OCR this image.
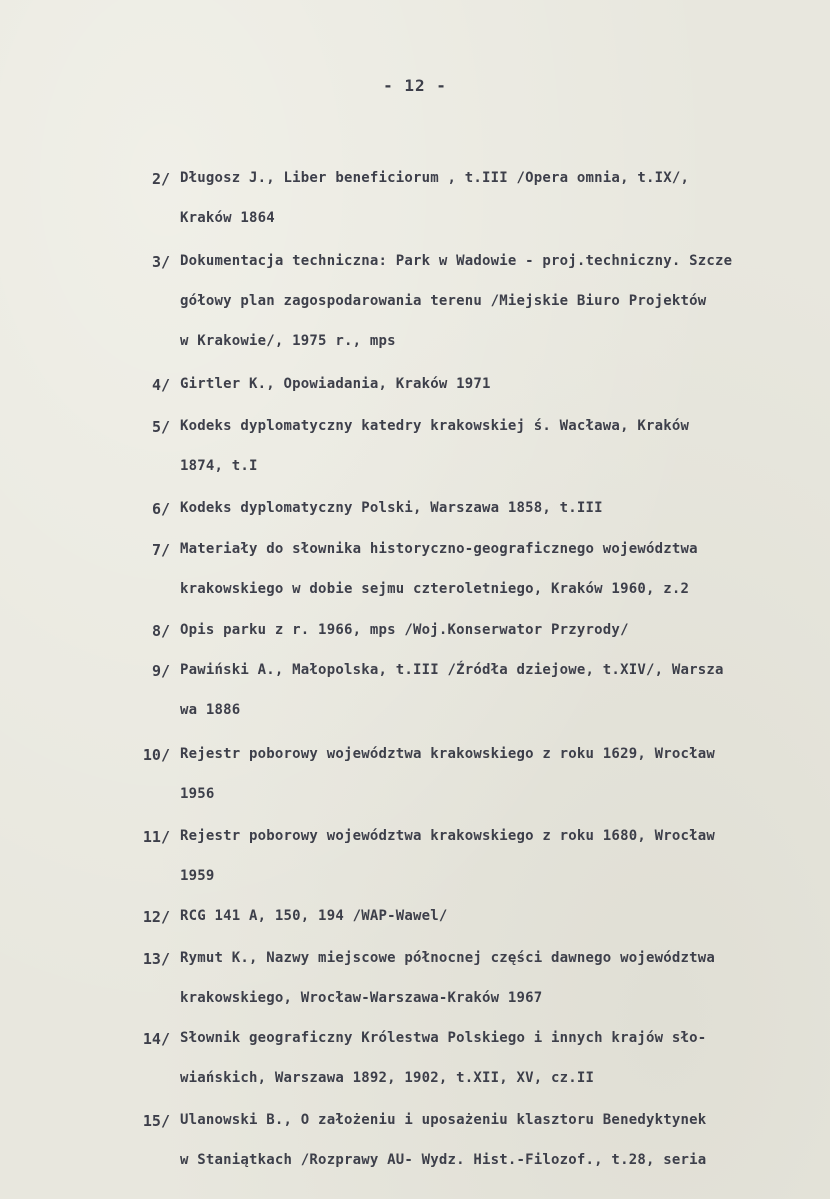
- 12 -
2/ Długosz J., Liber beneficiorum , t.III /Opera omnia, t.IX/,
Kraków 1864
3/ Dokumentacja techniczna: Park w Wadowie - proj.techniczny. Szcze
gółowy plan zagospodarowania terenu /Miejskie Biuro Projektów
w Krakowie/, 1975 r., mps
4/ Girtler K., Opowiadania, Kraków 1971
5/ Kodeks dyplomatyczny katedry krakowskiej ś. Wacława, Kraków
1874, t.I
6/ Kodeks dyplomatyczny Polski, Warszawa 1858, t.III
7/ Materiały do słownika historyczno-geograficznego województwa
krakowskiego w dobie sejmu czteroletniego, Kraków 1960, z.2
8/ Opis parku z r. 1966, mps /Woj.Konserwator Przyrody/
9/ Pawiński A., Małopolska, t.III /Źródła dziejowe, t.XIV/, Warsza
wa 1886
10/ Rejestr poborowy województwa krakowskiego z roku 1629, Wrocław
1956
11/ Rejestr poborowy województwa krakowskiego z roku 1680, Wrocław
1959
12/ RCG 141 A, 150, 194 /WAP-Wawel/
13/ Rymut K., Nazwy miejscowe północnej części dawnego województwa
krakowskiego, Wrocław-Warszawa-Kraków 1967
14/ Słownik geograficzny Królestwa Polskiego i innych krajów sło-
wiańskich, Warszawa 1892, 1902, t.XII, XV, cz.II
15/ Ulanowski B., O założeniu i uposażeniu klasztoru Benedyktynek
w Staniątkach /Rozprawy AU- Wydz. Hist.-Filozof., t.28, seria
